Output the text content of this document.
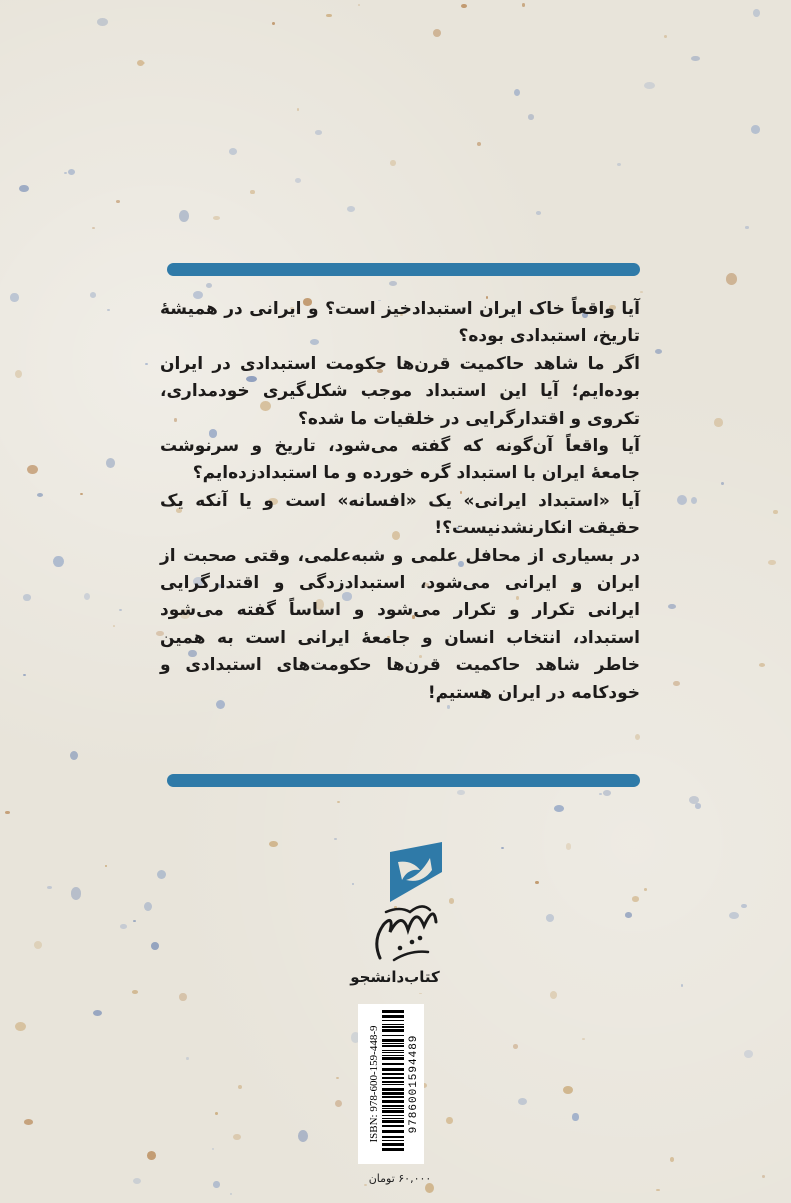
آیا واقعاً خاک ایران استبدادخیز است؟ و ایرانی در همیشهٔ تاریخ، استبدادی بوده؟

اگر ما شاهد حاکمیت قرن‌ها حکومت استبدادی در ایران بوده‌ایم؛ آیا این استبداد موجب شکل‌گیری خودمداری، تکروی و اقتدارگرایی در خلقیات ما شده؟

آیا واقعاً آن‌گونه که گفته می‌شود، تاریخ و سرنوشت جامعهٔ ایران با استبداد گره خورده و ما استبدادزده‌ایم؟

آیا «استبداد ایرانی» یک «افسانه» است و یا آنکه یک حقیقت انکارنشدنیست؟!

در بسیاری از محافل علمی و شبه‌علمی، وقتی صحبت از ایران و ایرانی می‌شود، استبدادزدگی و اقتدارگرایی ایرانی تکرار و تکرار می‌شود و اساساً گفته می‌شود استبداد، انتخاب انسان و جامعهٔ ایرانی است به همین خاطر شاهد حاکمیت قرن‌ها حکومت‌های استبدادی و خودکامه در ایران هستیم!

کتاب‌دانشجو
ISBN: 978-600-159-448-9	9786001594489
۶۰,۰۰۰ تومان
